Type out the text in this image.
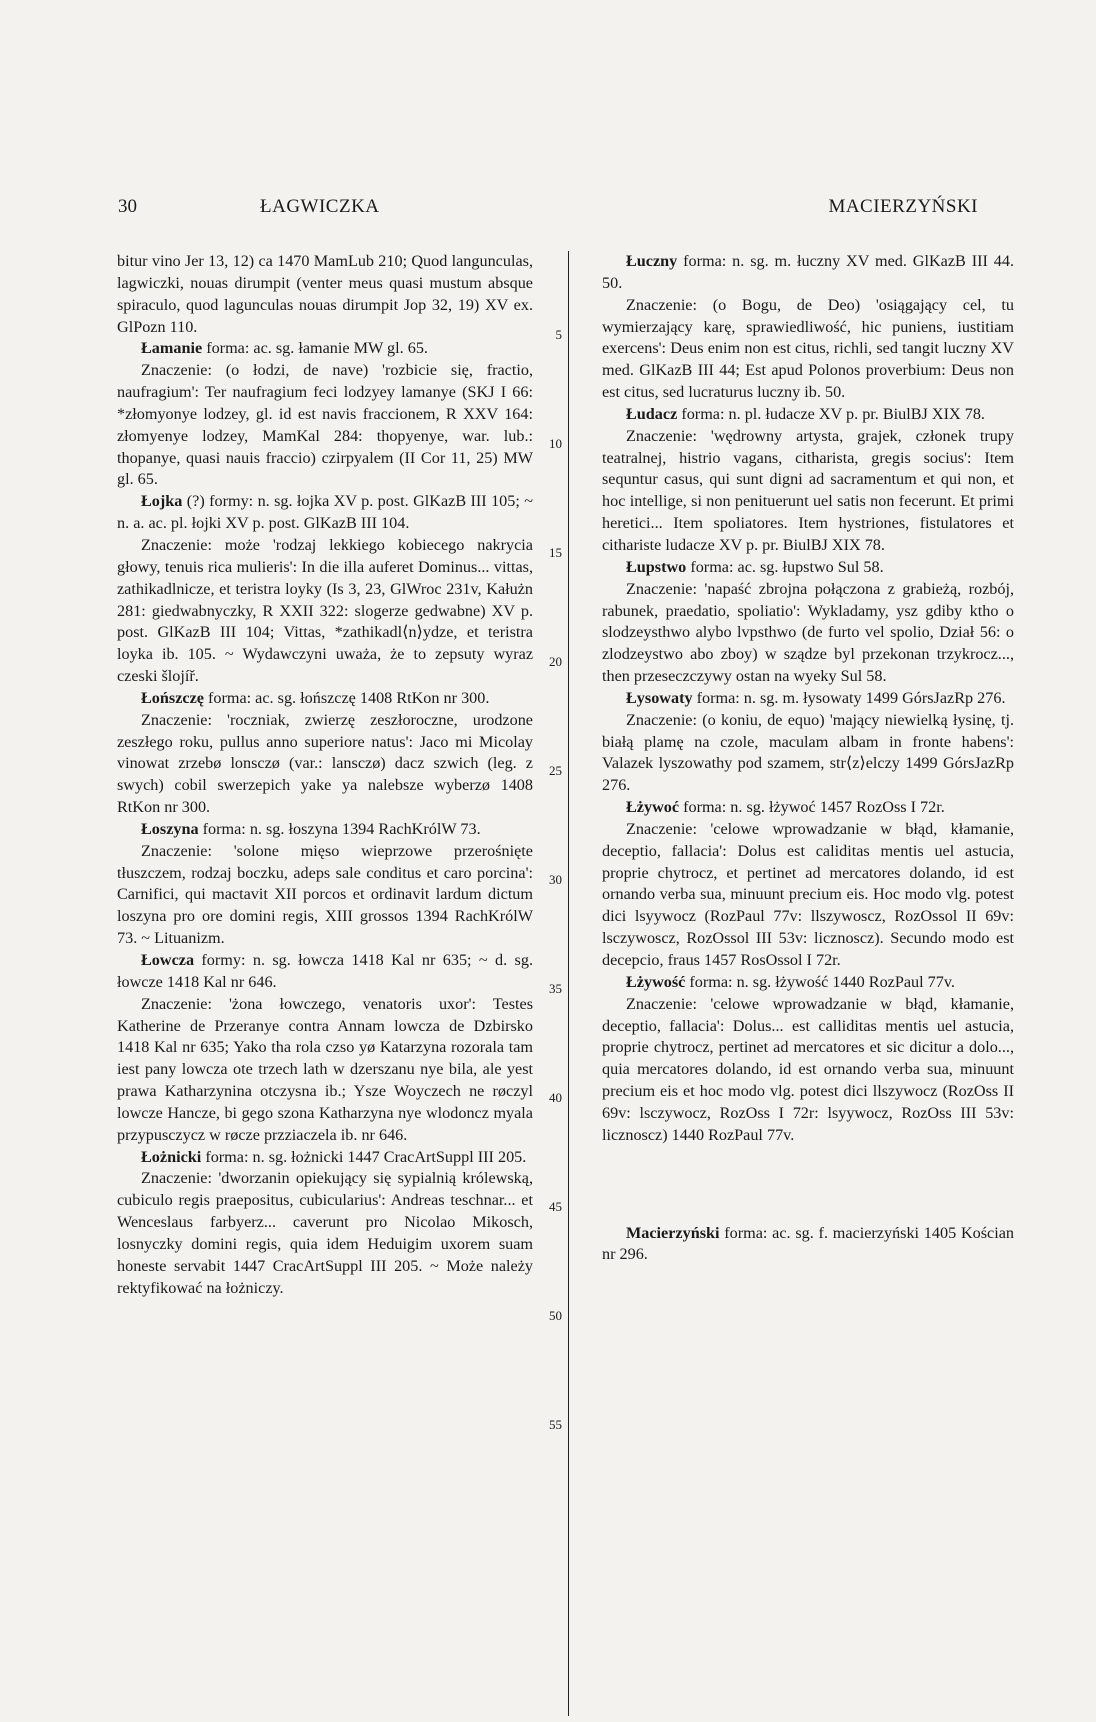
30	ŁAGWICZKA	MACIERZYŃSKI

bitur vino Jer 13, 12) ca 1470 MamLub 210; Quod langunculas, lagwiczki, nouas dirumpit (venter meus quasi mustum absque spiraculo, quod lagunculas nouas dirumpit Jop 32, 19) XV ex. GlPozn 110.

Łamanie forma: ac. sg. łamanie MW gl. 65.

Znaczenie: (o łodzi, de nave) 'rozbicie się, fractio, naufragium': Ter naufragium feci lodzyey lamanye (SKJ I 66: *złomyonye lodzey, gl. id est navis fraccionem, R XXV 164: złomyenye lodzey, MamKal 284: thopyenye, war. lub.: thopanye, quasi nauis fraccio) czirpyalem (II Cor 11, 25) MW gl. 65.

Łojka (?) formy: n. sg. łojka XV p. post. GlKazB III 105; ~ n. a. ac. pl. łojki XV p. post. GlKazB III 104.

Znaczenie: może 'rodzaj lekkiego kobiecego nakrycia głowy, tenuis rica mulieris': In die illa auferet Dominus... vittas, zathikadlnicze, et teristra loyky (Is 3, 23, GlWroc 231v, Kałużn 281: giedwabnyczky, R XXII 322: slogerze gedwabne) XV p. post. GlKazB III 104; Vittas, *zathikadl⟨n⟩ydze, et teristra loyka ib. 105. ~ Wydawczyni uważa, że to zepsuty wyraz czeski šlojíř.

Łońszczę forma: ac. sg. łońszczę 1408 RtKon nr 300.

Znaczenie: 'roczniak, zwierzę zeszłoroczne, urodzone zeszłego roku, pullus anno superiore natus': Jaco mi Micolay vinowat zrzebø lonsczø (var.: lansczø) dacz szwich (leg. z swych) cobil swerzepich yake ya nalebsze wyberzø 1408 RtKon nr 300.

Łoszyna forma: n. sg. łoszyna 1394 RachKrólW 73.

Znaczenie: 'solone mięso wieprzowe przerośnięte tłuszczem, rodzaj boczku, adeps sale conditus et caro porcina': Carnifici, qui mactavit XII porcos et ordinavit lardum dictum loszyna pro ore domini regis, XIII grossos 1394 RachKrólW 73. ~ Lituanizm.

Łowcza formy: n. sg. łowcza 1418 Kal nr 635; ~ d. sg. łowcze 1418 Kal nr 646.

Znaczenie: 'żona łowczego, venatoris uxor': Testes Katherine de Przeranye contra Annam lowcza de Dzbirsko 1418 Kal nr 635; Yako tha rola czso yø Katarzyna rozorala tam iest pany lowcza ote trzech lath w dzerszanu nye bila, ale yest prawa Katharzynina otczysna ib.; Ysze Woyczech ne røczyl lowcze Hancze, bi gego szona Katharzyna nye wlodoncz myala przypusczycz w røcze przziaczela ib. nr 646.

Łożnicki forma: n. sg. łożnicki 1447 CracArtSuppl III 205.

Znaczenie: 'dworzanin opiekujący się sypialnią królewską, cubiculo regis praepositus, cubicularius': Andreas teschnar... et Wenceslaus farbyerz... caverunt pro Nicolao Mikosch, losnyczky domini regis, quia idem Heduigim uxorem suam honeste servabit 1447 CracArtSuppl III 205. ~ Może należy rektyfikować na łożniczy.

5
10
15
20
25
30
35
40
45
50
55

Łuczny forma: n. sg. m. łuczny XV med. GlKazB III 44. 50.

Znaczenie: (o Bogu, de Deo) 'osiągający cel, tu wymierzający karę, sprawiedliwość, hic puniens, iustitiam exercens': Deus enim non est citus, richli, sed tangit luczny XV med. GlKazB III 44; Est apud Polonos proverbium: Deus non est citus, sed lucraturus luczny ib. 50.

Łudacz forma: n. pl. łudacze XV p. pr. BiulBJ XIX 78.

Znaczenie: 'wędrowny artysta, grajek, członek trupy teatralnej, histrio vagans, citharista, gregis socius': Item sequntur casus, qui sunt digni ad sacramentum et qui non, et hoc intellige, si non penituerunt uel satis non fecerunt. Et primi heretici... Item spoliatores. Item hystriones, fistulatores et cithariste ludacze XV p. pr. BiulBJ XIX 78.

Łupstwo forma: ac. sg. łupstwo Sul 58.

Znaczenie: 'napaść zbrojna połączona z grabieżą, rozbój, rabunek, praedatio, spoliatio': Wykladamy, ysz gdiby ktho o slodzeysthwo alybo lvpsthwo (de furto vel spolio, Dział 56: o zlodzeystwo abo zboy) w sządze byl przekonan trzykrocz..., then przeseczczywy ostan na wyeky Sul 58.

Łysowaty forma: n. sg. m. łysowaty 1499 GórsJazRp 276.

Znaczenie: (o koniu, de equo) 'mający niewielką łysinę, tj. białą plamę na czole, maculam albam in fronte habens': Valazek lyszowathy pod szamem, str⟨z⟩elczy 1499 GórsJazRp 276.

Łżywoć forma: n. sg. łżywoć 1457 RozOss I 72r.

Znaczenie: 'celowe wprowadzanie w błąd, kłamanie, deceptio, fallacia': Dolus est caliditas mentis uel astucia, proprie chytrocz, et pertinet ad mercatores dolando, id est ornando verba sua, minuunt precium eis. Hoc modo vlg. potest dici lsyywocz (RozPaul 77v: llszywoscz, RozOssol II 69v: lsczywoscz, RozOssol III 53v: licznoscz). Secundo modo est decepcio, fraus 1457 RosOssol I 72r.

Łżywość forma: n. sg. łżywość 1440 RozPaul 77v.

Znaczenie: 'celowe wprowadzanie w błąd, kłamanie, deceptio, fallacia': Dolus... est calliditas mentis uel astucia, proprie chytrocz, pertinet ad mercatores et sic dicitur a dolo..., quia mercatores dolando, id est ornando verba sua, minuunt precium eis et hoc modo vlg. potest dici llszywocz (RozOss II 69v: lsczywocz, RozOss I 72r: lsyywocz, RozOss III 53v: licznoscz) 1440 RozPaul 77v.

Macierzyński forma: ac. sg. f. macierzyński 1405 Kościan nr 296.
